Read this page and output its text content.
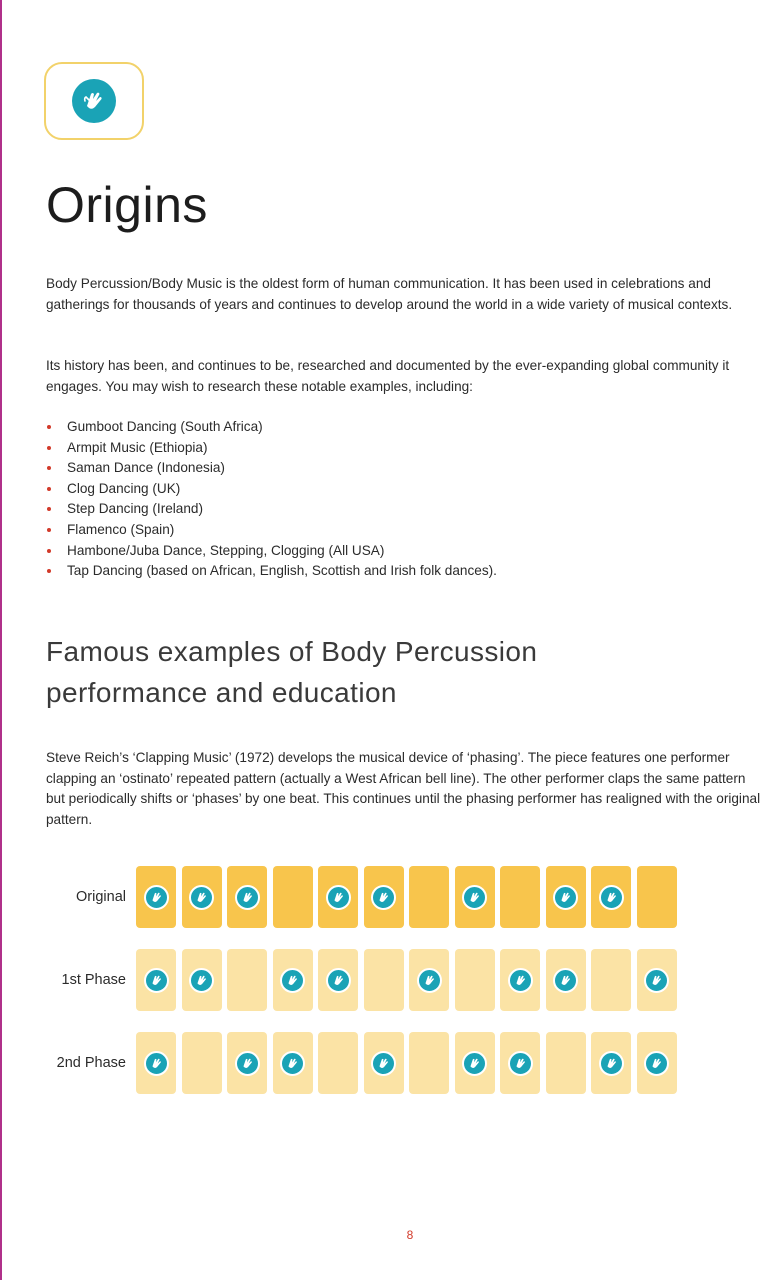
Origins

Body Percussion/Body Music is the oldest form of human communication. It has been used in celebrations and gatherings for thousands of years and continues to develop around the world in a wide variety of musical contexts.

Its history has been, and continues to be, researched and documented by the ever-expanding global community it engages. You may wish to research these notable examples, including:

Gumboot Dancing (South Africa)
Armpit Music (Ethiopia)
Saman Dance (Indonesia)
Clog Dancing (UK)
Step Dancing (Ireland)
Flamenco (Spain)
Hambone/Juba Dance, Stepping, Clogging (All USA)
Tap Dancing (based on African, English, Scottish and Irish folk dances).
Famous examples of Body Percussion performance and education

Steve Reich’s ‘Clapping Music’ (1972) develops the musical device of ‘phasing’. The piece features one performer clapping an ‘ostinato’ repeated pattern (actually a West African bell line). The other performer claps the same pattern but periodically shifts or ‘phases’ by one beat. This continues until the phasing performer has realigned with the original pattern.

Original
1st Phase
2nd Phase
8
